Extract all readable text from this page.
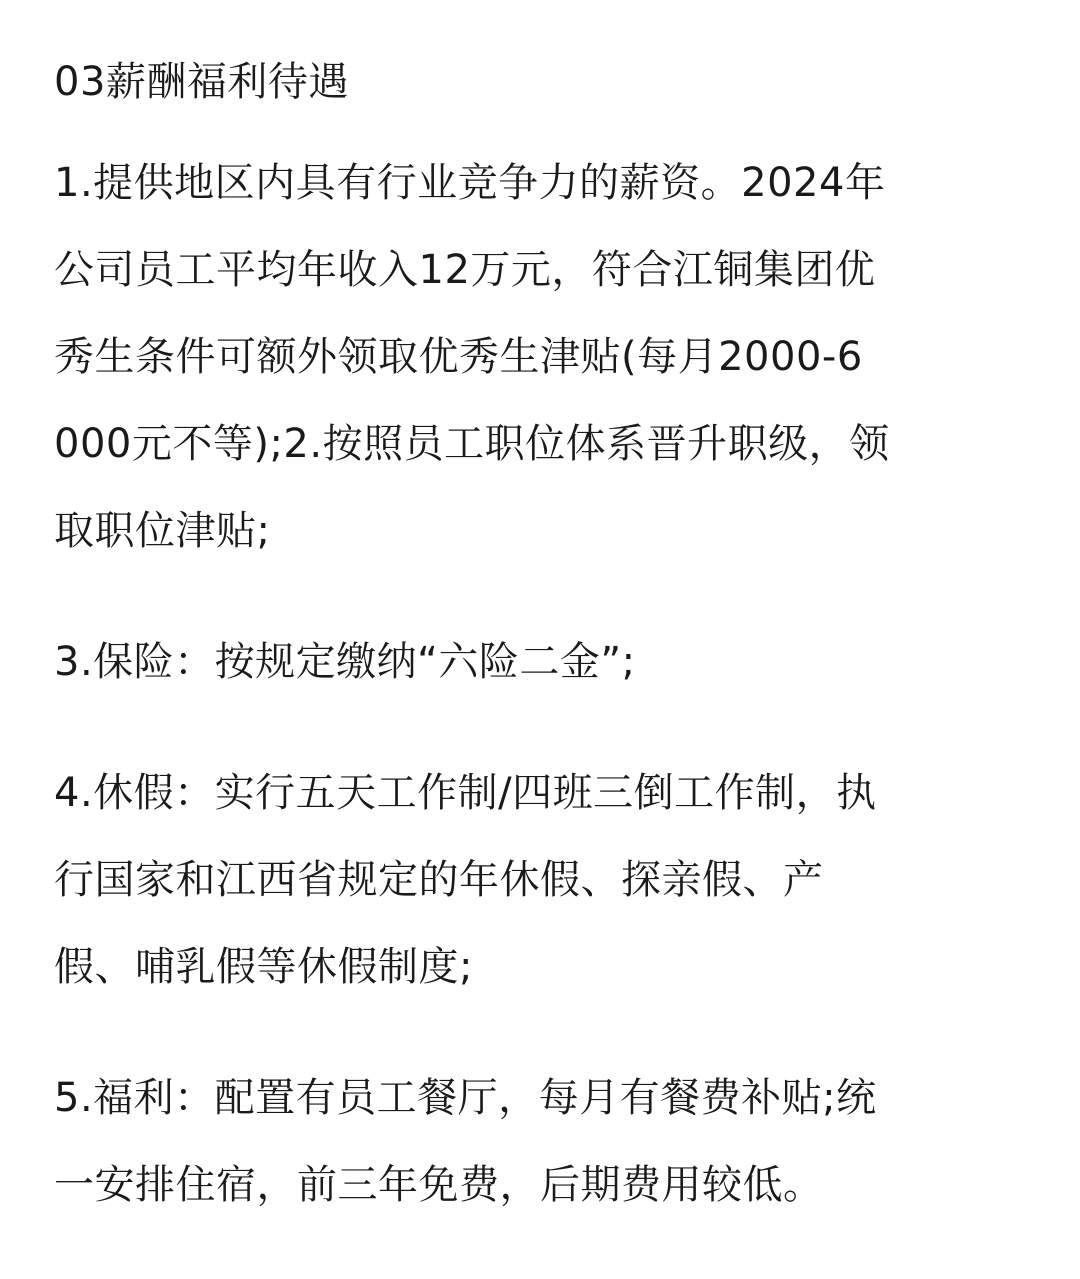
03薪酬福利待遇

1.提供地区内具有行业竞争力的薪资。2024年
公司员工平均年收入12万元，符合江铜集团优
秀生条件可额外领取优秀生津贴(每月2000-6
000元不等);2.按照员工职位体系晋升职级，领
取职位津贴;

3.保险：按规定缴纳“六险二金”;

4.休假：实行五天工作制/四班三倒工作制，执
行国家和江西省规定的年休假、探亲假、产
假、哺乳假等休假制度;

5.福利：配置有员工餐厅，每月有餐费补贴;统
一安排住宿，前三年免费，后期费用较低。
